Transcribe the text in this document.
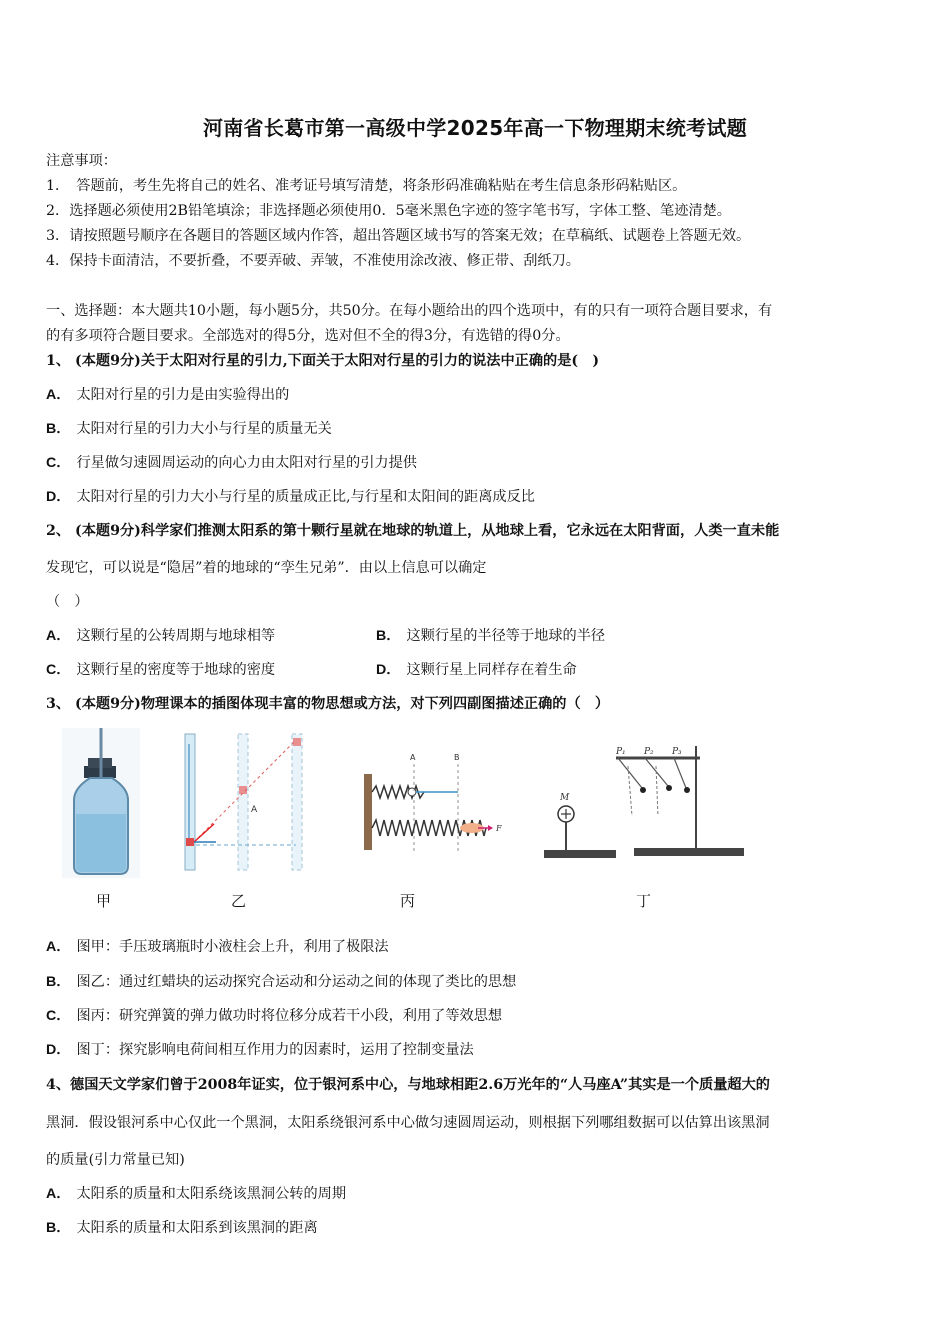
河南省长葛市第一高级中学2025年高一下物理期末统考试题
注意事项：
1．　答题前，考生先将自己的姓名、准考证号填写清楚，将条形码准确粘贴在考生信息条形码粘贴区。
2．选择题必须使用2B铅笔填涂；非选择题必须使用0．5毫米黑色字迹的签字笔书写，字体工整、笔迹清楚。
3．请按照题号顺序在各题目的答题区域内作答，超出答题区域书写的答案无效；在草稿纸、试题卷上答题无效。
4．保持卡面清洁，不要折叠，不要弄破、弄皱，不准使用涂改液、修正带、刮纸刀。
一、选择题：本大题共10小题，每小题5分，共50分。在每小题给出的四个选项中，有的只有一项符合题目要求，有
的有多项符合题目要求。全部选对的得5分，选对但不全的得3分，有选错的得0分。
1、 (本题9分)关于太阳对行星的引力,下面关于太阳对行星的引力的说法中正确的是(　)
A． 太阳对行星的引力是由实验得出的
B． 太阳对行星的引力大小与行星的质量无关
C． 行星做匀速圆周运动的向心力由太阳对行星的引力提供
D． 太阳对行星的引力大小与行星的质量成正比,与行星和太阳间的距离成反比
2、 (本题9分)科学家们推测太阳系的第十颗行星就在地球的轨道上，从地球上看，它永远在太阳背面，人类一直未能
发现它，可以说是“隐居”着的地球的“孪生兄弟”．由以上信息可以确定
（　）
A． 这颗行星的公转周期与地球相等	B． 这颗行星的半径等于地球的半径
C． 这颗行星的密度等于地球的密度	D． 这颗行星上同样存在着生命
3、 (本题9分)物理课本的插图体现丰富的物思想或方法，对下列四副图描述正确的（　）
A
A	B
F
M
P₁ P₂ P₃
甲	乙	丙	丁
A． 图甲：手压玻璃瓶时小液柱会上升，利用了极限法
B． 图乙：通过红蜡块的运动探究合运动和分运动之间的体现了类比的思想
C． 图丙：研究弹簧的弹力做功时将位移分成若干小段，利用了等效思想
D． 图丁：探究影响电荷间相互作用力的因素时，运用了控制变量法
4、德国天文学家们曾于2008年证实，位于银河系中心，与地球相距2.6万光年的“人马座A”其实是一个质量超大的
黑洞．假设银河系中心仅此一个黑洞，太阳系绕银河系中心做匀速圆周运动，则根据下列哪组数据可以估算出该黑洞
的质量(引力常量已知)
A． 太阳系的质量和太阳系绕该黑洞公转的周期
B． 太阳系的质量和太阳系到该黑洞的距离
